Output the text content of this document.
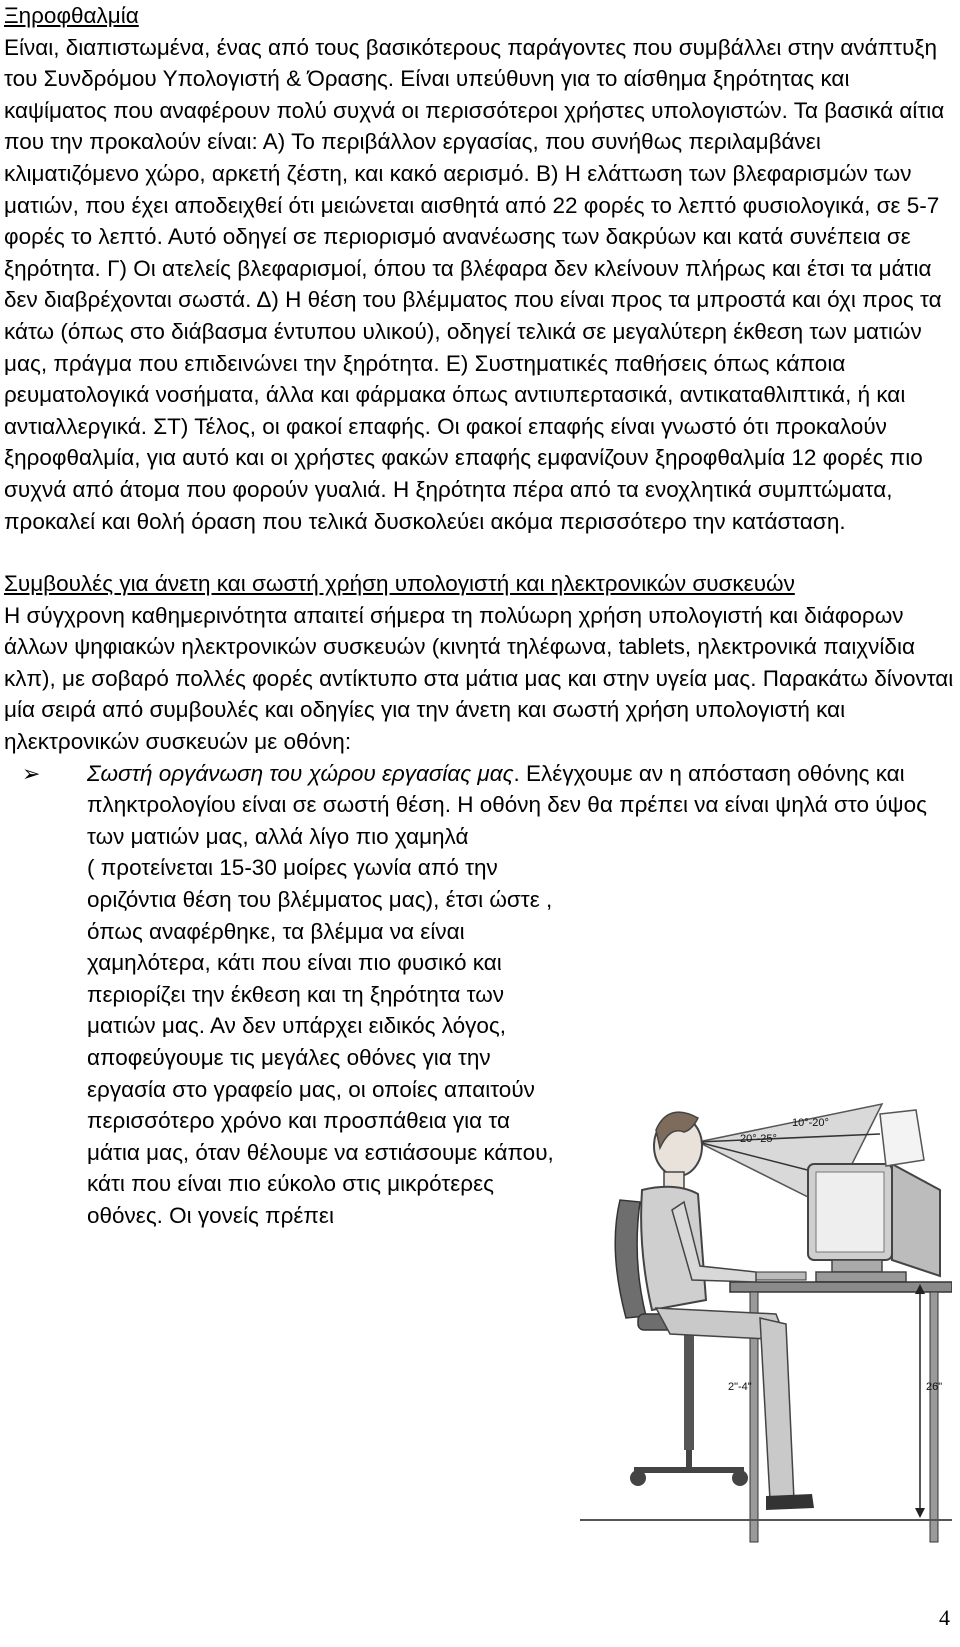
Ξηροφθαλμία

Είναι, διαπιστωμένα, ένας από τους βασικότερους παράγοντες που συμβάλλει στην ανάπτυξη του Συνδρόμου Υπολογιστή & Όρασης. Είναι υπεύθυνη για το αίσθημα ξηρότητας και καψίματος που αναφέρουν πολύ συχνά οι περισσότεροι χρήστες υπολογιστών. Τα βασικά αίτια που την προκαλούν είναι: Α) Το περιβάλλον εργασίας, που συνήθως περιλαμβάνει κλιματιζόμενο χώρο, αρκετή ζέστη, και κακό αερισμό. Β) Η ελάττωση των βλεφαρισμών των ματιών, που έχει αποδειχθεί ότι μειώνεται αισθητά από 22 φορές το λεπτό φυσιολογικά, σε 5-7 φορές το λεπτό. Αυτό οδηγεί σε περιορισμό ανανέωσης των δακρύων και κατά συνέπεια σε ξηρότητα. Γ) Οι ατελείς βλεφαρισμοί, όπου τα βλέφαρα δεν κλείνουν πλήρως και έτσι τα μάτια δεν διαβρέχονται σωστά. Δ) Η θέση του βλέμματος που είναι προς τα μπροστά και όχι προς τα κάτω (όπως στο διάβασμα έντυπου υλικού), οδηγεί τελικά σε μεγαλύτερη έκθεση των ματιών μας, πράγμα που επιδεινώνει την ξηρότητα. Ε) Συστηματικές παθήσεις όπως κάποια ρευματολογικά νοσήματα, άλλα και φάρμακα όπως αντιυπερτασικά, αντικαταθλιπτικά, ή και αντιαλλεργικά. ΣΤ) Τέλος, οι φακοί επαφής. Οι φακοί επαφής είναι γνωστό ότι προκαλούν ξηροφθαλμία, για αυτό και οι χρήστες φακών επαφής εμφανίζουν ξηροφθαλμία 12 φορές πιο συχνά από άτομα που φορούν γυαλιά. Η ξηρότητα πέρα από τα ενοχλητικά συμπτώματα, προκαλεί και θολή όραση που τελικά δυσκολεύει ακόμα περισσότερο την κατάσταση.

Συμβουλές για άνετη και σωστή χρήση υπολογιστή και ηλεκτρονικών συσκευών

Η σύγχρονη καθημερινότητα απαιτεί σήμερα τη πολύωρη χρήση υπολογιστή και διάφορων άλλων ψηφιακών ηλεκτρονικών συσκευών (κινητά τηλέφωνα, tablets, ηλεκτρονικά παιχνίδια κλπ), με σοβαρό πολλές φορές αντίκτυπο στα μάτια μας και στην υγεία μας. Παρακάτω δίνονται μία σειρά από συμβουλές και οδηγίες για την άνετη και σωστή χρήση υπολογιστή και ηλεκτρονικών συσκευών με οθόνη:

➢	Σωστή οργάνωση του χώρου εργασίας μας. Ελέγχουμε αν η απόσταση οθόνης και πληκτρολογίου είναι σε σωστή θέση. Η οθόνη δεν θα πρέπει να είναι ψηλά στο ύψος των ματιών μας, αλλά λίγο πιο χαμηλά
( προτείνεται 15-30 μοίρες γωνία από την οριζόντια θέση του βλέμματος μας), έτσι ώστε , όπως αναφέρθηκε, τα βλέμμα να είναι χαμηλότερα, κάτι που είναι πιο φυσικό και περιορίζει την έκθεση και τη ξηρότητα των ματιών μας. Αν δεν υπάρχει ειδικός λόγος, αποφεύγουμε τις μεγάλες οθόνες για την εργασία στο γραφείο μας, οι οποίες απαιτούν περισσότερο χρόνο και προσπάθεια για τα μάτια μας, όταν θέλουμε να εστιάσουμε κάπου, κάτι που είναι πιο εύκολο στις μικρότερες οθόνες. Οι γονείς πρέπει
10°-20°
20°-25°
2"-4"	26"
4
